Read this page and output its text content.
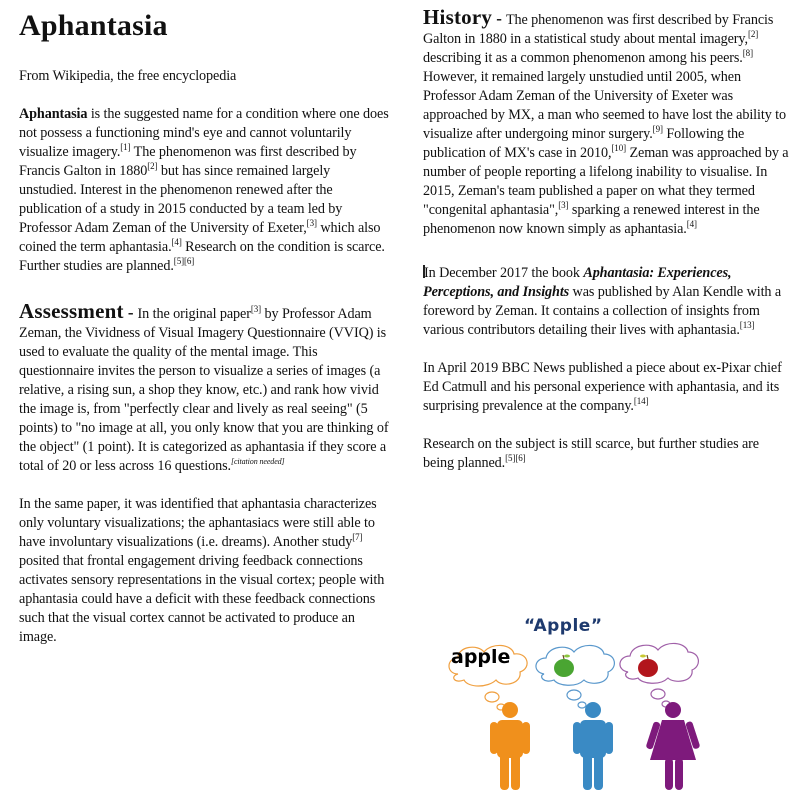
Aphantasia

From Wikipedia, the free encyclopedia

Aphantasia is the suggested name for a condition where one does not possess a functioning mind's eye and cannot voluntarily visualize imagery.[1] The phenomenon was first described by Francis Galton in 1880[2] but has since remained largely unstudied. Interest in the phenomenon renewed after the publication of a study in 2015 conducted by a team led by Professor Adam Zeman of the University of Exeter,[3] which also coined the term aphantasia.[4] Research on the condition is scarce. Further studies are planned.[5][6]

Assessment - In the original paper[3] by Professor Adam Zeman, the Vividness of Visual Imagery Questionnaire (VVIQ) is used to evaluate the quality of the mental image. This questionnaire invites the person to visualize a series of images (a relative, a rising sun, a shop they know, etc.) and rank how vivid the image is, from "perfectly clear and lively as real seeing" (5 points) to "no image at all, you only know that you are thinking of the object" (1 point). It is categorized as aphantasia if they score a total of 20 or less across 16 questions.[citation needed]

In the same paper, it was identified that aphantasia characterizes only voluntary visualizations; the aphantasiacs were still able to have involuntary visualizations (i.e. dreams). Another study[7] posited that frontal engagement driving feedback connections activates sensory representations in the visual cortex; people with aphantasia could have a deficit with these feedback connections such that the visual cortex cannot be activated to produce an image.

History - The phenomenon was first described by Francis Galton in 1880 in a statistical study about mental imagery,[2] describing it as a common phenomenon among his peers.[8] However, it remained largely unstudied until 2005, when Professor Adam Zeman of the University of Exeter was approached by MX, a man who seemed to have lost the ability to visualize after undergoing minor surgery.[9] Following the publication of MX's case in 2010,[10] Zeman was approached by a number of people reporting a lifelong inability to visualise. In 2015, Zeman's team published a paper on what they termed "congenital aphantasia",[3] sparking a renewed interest in the phenomenon now known simply as aphantasia.[4]

In December 2017 the book Aphantasia: Experiences, Perceptions, and Insights was published by Alan Kendle with a foreword by Zeman. It contains a collection of insights from various contributors detailing their lives with aphantasia.[13]

In April 2019 BBC News published a piece about ex-Pixar chief Ed Catmull and his personal experience with aphantasia, and its surprising prevalence at the company.[14]

Research on the subject is still scarce, but further studies are being planned.[5][6]

“Apple”
apple
